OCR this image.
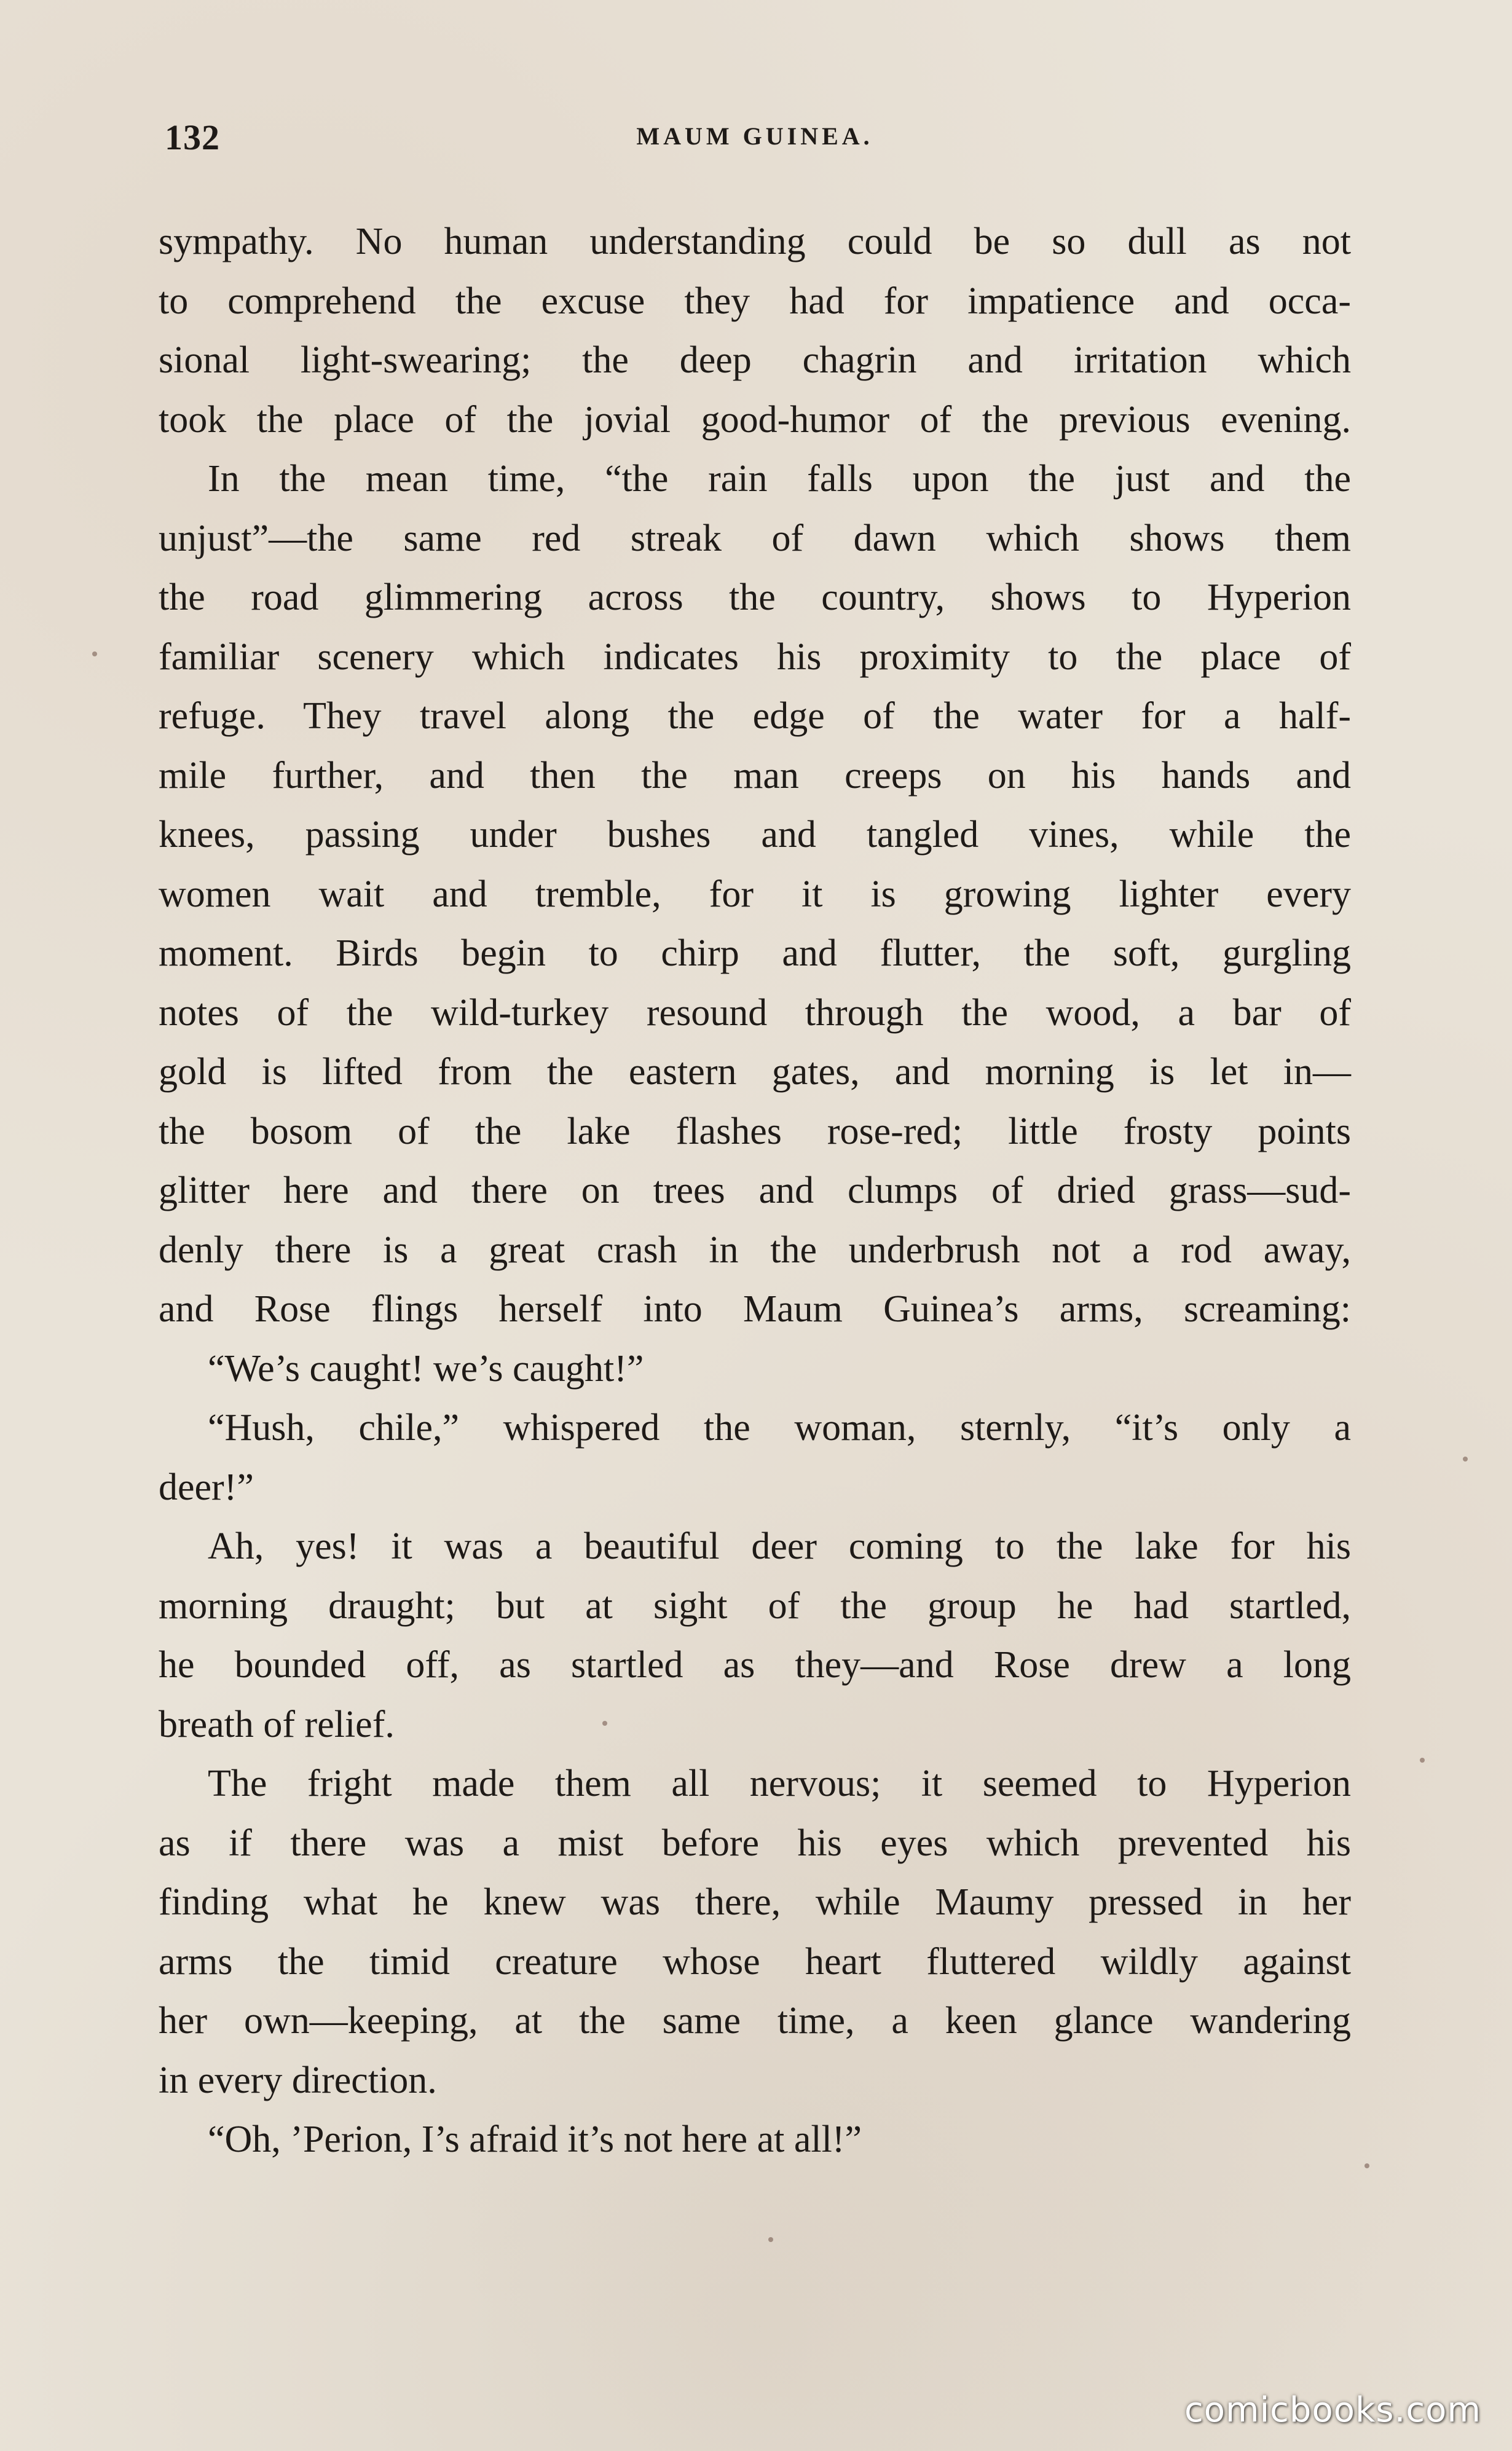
132	MAUM GUINEA.
sympathy. No human understanding could be so dull as not
to comprehend the excuse they had for impatience and occa-
sional light-swearing; the deep chagrin and irritation which
took the place of the jovial good-humor of the previous evening.
In the mean time, “the rain falls upon the just and the
unjust”—the same red streak of dawn which shows them
the road glimmering across the country, shows to Hyperion
familiar scenery which indicates his proximity to the place of
refuge. They travel along the edge of the water for a half-
mile further, and then the man creeps on his hands and
knees, passing under bushes and tangled vines, while the
women wait and tremble, for it is growing lighter every
moment. Birds begin to chirp and flutter, the soft, gurgling
notes of the wild-turkey resound through the wood, a bar of
gold is lifted from the eastern gates, and morning is let in—
the bosom of the lake flashes rose-red; little frosty points
glitter here and there on trees and clumps of dried grass—sud-
denly there is a great crash in the underbrush not a rod away,
and Rose flings herself into Maum Guinea’s arms, screaming:
“We’s caught! we’s caught!”
“Hush, chile,” whispered the woman, sternly, “it’s only a
deer!”
Ah, yes! it was a beautiful deer coming to the lake for his
morning draught; but at sight of the group he had startled,
he bounded off, as startled as they—and Rose drew a long
breath of relief.
The fright made them all nervous; it seemed to Hyperion
as if there was a mist before his eyes which prevented his
finding what he knew was there, while Maumy pressed in her
arms the timid creature whose heart fluttered wildly against
her own—keeping, at the same time, a keen glance wandering
in every direction.
“Oh, ’Perion, I’s afraid it’s not here at all!”
comicbooks.com
